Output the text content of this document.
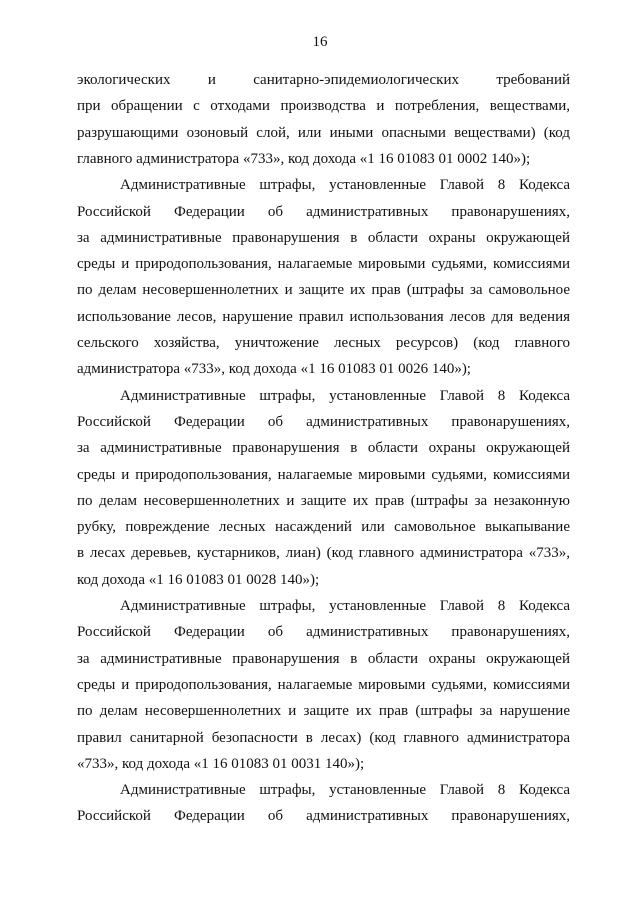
16
экологических и санитарно-эпидемиологических требований
при обращении с отходами производства и потребления, веществами,
разрушающими озоновый слой, или иными опасными веществами) (код
главного администратора «733», код дохода «1 16 01083 01 0002 140»);
Административные штрафы, установленные Главой 8 Кодекса
Российской Федерации об административных правонарушениях,
за административные правонарушения в области охраны окружающей
среды и природопользования, налагаемые мировыми судьями, комиссиями
по делам несовершеннолетних и защите их прав (штрафы за самовольное
использование лесов, нарушение правил использования лесов для ведения
сельского хозяйства, уничтожение лесных ресурсов) (код главного
администратора «733», код дохода «1 16 01083 01 0026 140»);
Административные штрафы, установленные Главой 8 Кодекса
Российской Федерации об административных правонарушениях,
за административные правонарушения в области охраны окружающей
среды и природопользования, налагаемые мировыми судьями, комиссиями
по делам несовершеннолетних и защите их прав (штрафы за незаконную
рубку, повреждение лесных насаждений или самовольное выкапывание
в лесах деревьев, кустарников, лиан) (код главного администратора «733»,
код дохода «1 16 01083 01 0028 140»);
Административные штрафы, установленные Главой 8 Кодекса
Российской Федерации об административных правонарушениях,
за административные правонарушения в области охраны окружающей
среды и природопользования, налагаемые мировыми судьями, комиссиями
по делам несовершеннолетних и защите их прав (штрафы за нарушение
правил санитарной безопасности в лесах) (код главного администратора
«733», код дохода «1 16 01083 01 0031 140»);
Административные штрафы, установленные Главой 8 Кодекса
Российской Федерации об административных правонарушениях,
